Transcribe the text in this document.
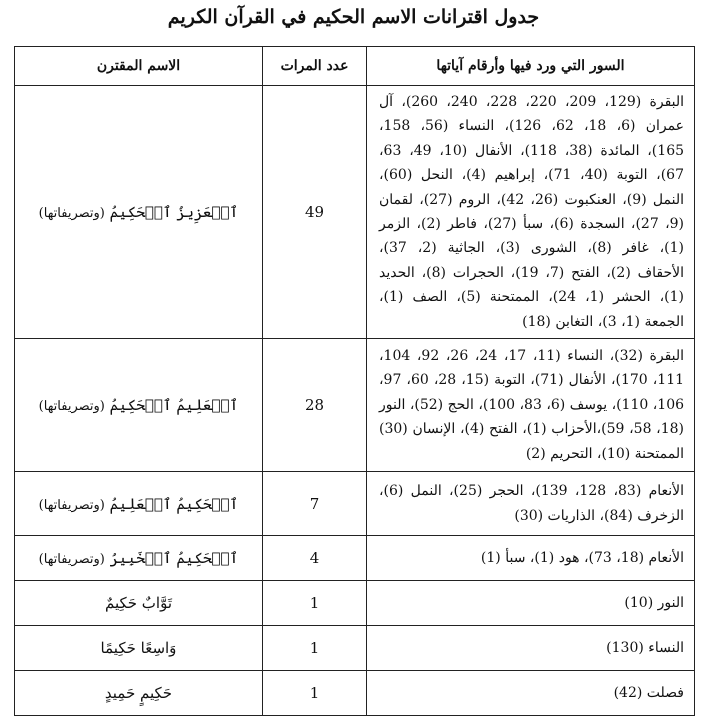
جدول اقترانات الاسم الحكيم في القرآن الكريم
السور التي ورد فيها وأرقام آياتها	عدد المرات	الاسم المقترن
البقرة (129، 209، 220، 228، 240، 260)، آل عمران (6، 18، 62، 126)، النساء (56، 158، 165)، المائدة (38، 118)، الأنفال (10، 49، 63، 67)، التوبة (40، 71)، إبراهيم (4)، النحل (60)، النمل (9)، العنكبوت (26، 42)، الروم (27)، لقمان (9، 27)، السجدة (6)، سبأ (27)، فاطر (2)، الزمر (1)، غافر (8)، الشورى (3)، الجاثية (2، 37)، الأحقاف (2)، الفتح (7، 19)، الحجرات (8)، الحديد (1)، الحشر (1، 24)، الممتحنة (5)، الصف (1)، الجمعة (1، 3)، التغابن (18)	49	ٱلۡعَزِيزُ ٱلۡحَكِيمُ (وتصريفاتها)
البقرة (32)، النساء (11، 17، 24، 26، 92، 104، 111، 170)، الأنفال (71)، التوبة (15، 28، 60، 97، 106، 110)، يوسف (6، 83، 100)، الحج (52)، النور (18، 58، 59)،الأحزاب (1)، الفتح (4)، الإنسان (30) الممتحنة (10)، التحريم (2)	28	ٱلۡعَلِيمُ ٱلۡحَكِيمُ (وتصريفاتها)
الأنعام (83، 128، 139)، الحجر (25)، النمل (6)، الزخرف (84)، الذاريات (30)	7	ٱلۡحَكِيمُ ٱلۡعَلِيمُ (وتصريفاتها)
الأنعام (18، 73)، هود (1)، سبأ (1)	4	ٱلۡحَكِيمُ ٱلۡخَبِيرُ (وتصريفاتها)
النور (10)	1	تَوَّابٌ حَكِيمٌ
النساء (130)	1	وَاسِعًا حَكِيمًا
فصلت (42)	1	حَكِيمٍ حَمِيدٍ
